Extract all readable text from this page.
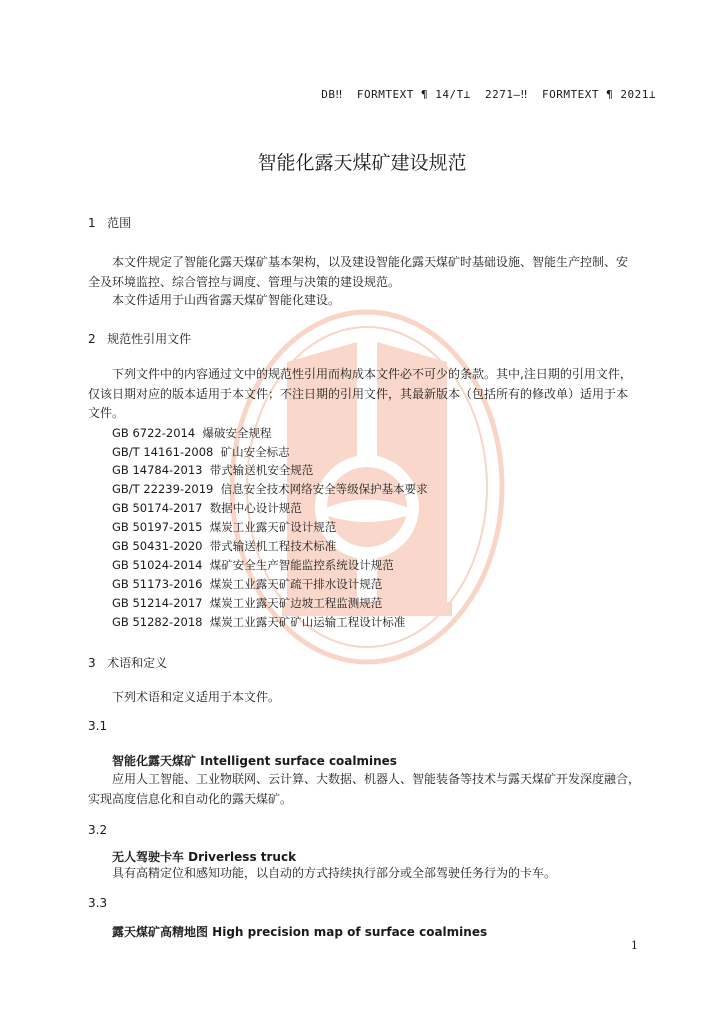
DB‼  FORMTEXT ¶ 14/T⊥  2271—‼  FORMTEXT ¶ 2021⊥
智能化露天煤矿建设规范
1   范围
本文件规定了智能化露天煤矿基本架构，以及建设智能化露天煤矿时基础设施、智能生产控制、安
全及环境监控、综合管控与调度、管理与决策的建设规范。
本文件适用于山西省露天煤矿智能化建设。
2   规范性引用文件
下列文件中的内容通过文中的规范性引用而构成本文件必不可少的条款。其中,注日期的引用文件，
仅该日期对应的版本适用于本文件；不注日期的引用文件，其最新版本（包括所有的修改单）适用于本
文件。
GB 6722-2014  爆破安全规程
GB/T 14161-2008  矿山安全标志
GB 14784-2013  带式输送机安全规范
GB/T 22239-2019  信息安全技术网络安全等级保护基本要求
GB 50174-2017  数据中心设计规范
GB 50197-2015  煤炭工业露天矿设计规范
GB 50431-2020  带式输送机工程技术标准
GB 51024-2014  煤矿安全生产智能监控系统设计规范
GB 51173-2016  煤炭工业露天矿疏干排水设计规范
GB 51214-2017  煤炭工业露天矿边坡工程监测规范
GB 51282-2018  煤炭工业露天矿矿山运输工程设计标准
3   术语和定义
下列术语和定义适用于本文件。
3.1
智能化露天煤矿 Intelligent surface coalmines
应用人工智能、工业物联网、云计算、大数据、机器人、智能装备等技术与露天煤矿开发深度融合，
实现高度信息化和自动化的露天煤矿。
3.2
无人驾驶卡车 Driverless truck
具有高精定位和感知功能，以自动的方式持续执行部分或全部驾驶任务行为的卡车。
3.3
露天煤矿高精地图 High precision map of surface coalmines
1
